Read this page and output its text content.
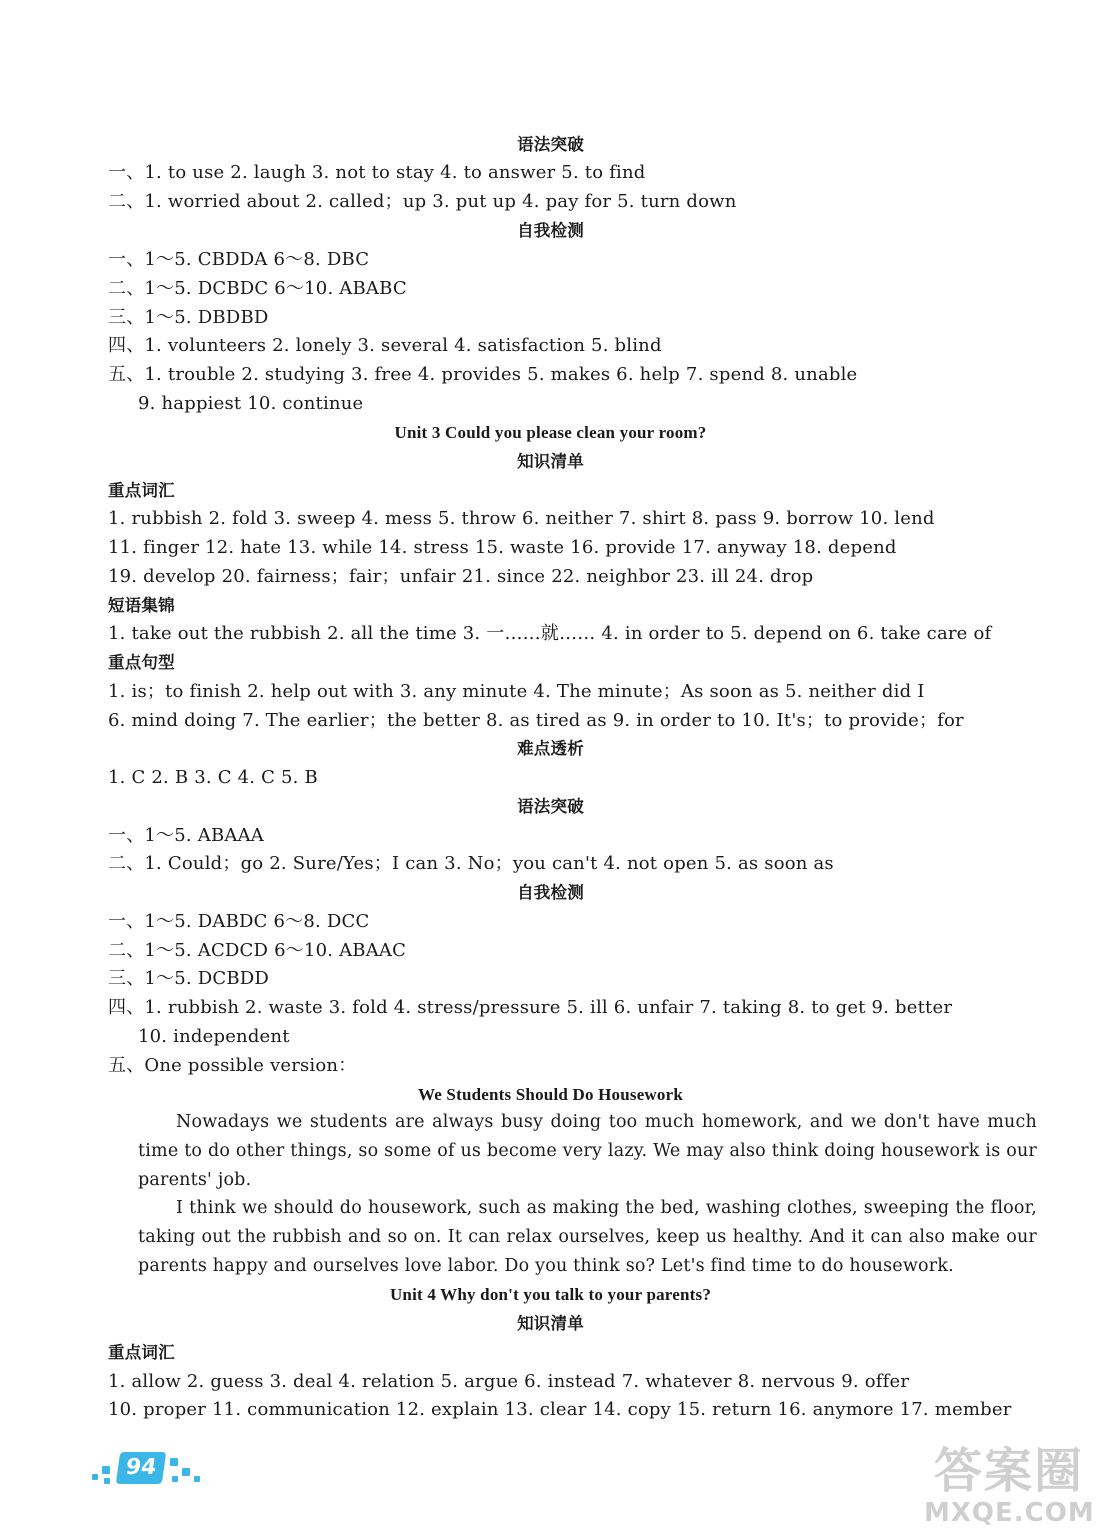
语法突破
一、1. to use 2. laugh 3. not to stay 4. to answer 5. to find
二、1. worried about 2. called；up 3. put up 4. pay for 5. turn down
自我检测
一、1～5. CBDDA 6～8. DBC
二、1～5. DCBDC 6～10. ABABC
三、1～5. DBDBD
四、1. volunteers 2. lonely 3. several 4. satisfaction 5. blind
五、1. trouble 2. studying 3. free 4. provides 5. makes 6. help 7. spend 8. unable
9. happiest 10. continue
Unit 3 Could you please clean your room?
知识清单
重点词汇
1. rubbish 2. fold 3. sweep 4. mess 5. throw 6. neither 7. shirt 8. pass 9. borrow 10. lend
11. finger 12. hate 13. while 14. stress 15. waste 16. provide 17. anyway 18. depend
19. develop 20. fairness；fair；unfair 21. since 22. neighbor 23. ill 24. drop
短语集锦
1. take out the rubbish 2. all the time 3. 一……就…… 4. in order to 5. depend on 6. take care of
重点句型
1. is；to finish 2. help out with 3. any minute 4. The minute；As soon as 5. neither did I
6. mind doing 7. The earlier；the better 8. as tired as 9. in order to 10. It's；to provide；for
难点透析
1. C 2. B 3. C 4. C 5. B
语法突破
一、1～5. ABAAA
二、1. Could；go 2. Sure/Yes；I can 3. No；you can't 4. not open 5. as soon as
自我检测
一、1～5. DABDC 6～8. DCC
二、1～5. ACDCD 6～10. ABAAC
三、1～5. DCBDD
四、1. rubbish 2. waste 3. fold 4. stress/pressure 5. ill 6. unfair 7. taking 8. to get 9. better
10. independent
五、One possible version：
We Students Should Do Housework
Nowadays we students are always busy doing too much homework, and we don't have much time to do other things, so some of us become very lazy. We may also think doing housework is our parents' job.
I think we should do housework, such as making the bed, washing clothes, sweeping the floor, taking out the rubbish and so on. It can relax ourselves, keep us healthy. And it can also make our parents happy and ourselves love labor. Do you think so? Let's find time to do housework.
Unit 4 Why don't you talk to your parents?
知识清单
重点词汇
1. allow 2. guess 3. deal 4. relation 5. argue 6. instead 7. whatever 8. nervous 9. offer
10. proper 11. communication 12. explain 13. clear 14. copy 15. return 16. anymore 17. member
94	答案圈
MXQE.COM
